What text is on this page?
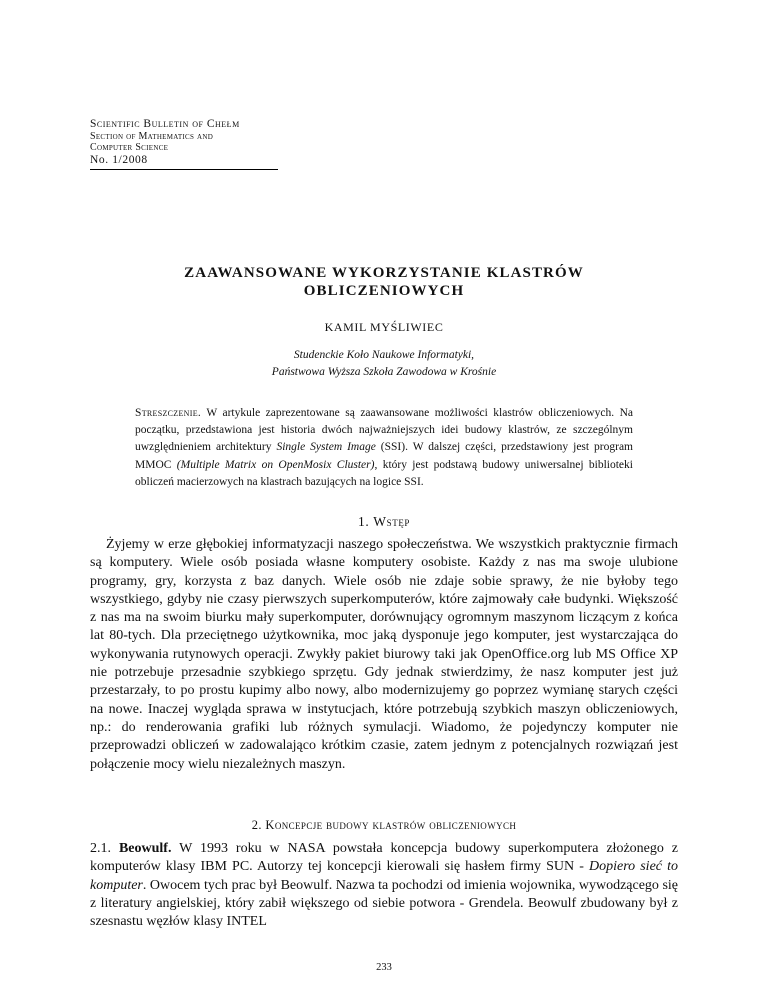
Scientific Bulletin of Chełm
Section of Mathematics and
Computer Science
No. 1/2008
ZAAWANSOWANE WYKORZYSTANIE KLASTRÓW
OBLICZENIOWYCH
KAMIL MYŚLIWIEC
Studenckie Koło Naukowe Informatyki,
Państwowa Wyższa Szkoła Zawodowa w Krośnie
Streszczenie. W artykule zaprezentowane są zaawansowane możliwości klastrów obliczeniowych. Na początku, przedstawiona jest historia dwóch najważniejszych idei budowy klastrów, ze szczególnym uwzględnieniem architektury Single System Image (SSI). W dalszej części, przedstawiony jest program MMOC (Multiple Matrix on OpenMosix Cluster), który jest podstawą budowy uniwersalnej biblioteki obliczeń macierzowych na klastrach bazujących na logice SSI.
1. Wstęp
Żyjemy w erze głębokiej informatyzacji naszego społeczeństwa. We wszystkich praktycznie firmach są komputery. Wiele osób posiada własne komputery osobiste. Każdy z nas ma swoje ulubione programy, gry, korzysta z baz danych. Wiele osób nie zdaje sobie sprawy, że nie byłoby tego wszystkiego, gdyby nie czasy pierwszych superkomputerów, które zajmowały całe budynki. Większość z nas ma na swoim biurku mały superkomputer, dorównujący ogromnym maszynom liczącym z końca lat 80-tych. Dla przeciętnego użytkownika, moc jaką dysponuje jego komputer, jest wystarczająca do wykonywania rutynowych operacji. Zwykły pakiet biurowy taki jak OpenOffice.org lub MS Office XP nie potrzebuje przesadnie szybkiego sprzętu. Gdy jednak stwierdzimy, że nasz komputer jest już przestarzały, to po prostu kupimy albo nowy, albo modernizujemy go poprzez wymianę starych części na nowe. Inaczej wygląda sprawa w instytucjach, które potrzebują szybkich maszyn obliczeniowych, np.: do renderowania grafiki lub różnych symulacji. Wiadomo, że pojedynczy komputer nie przeprowadzi obliczeń w zadowalająco krótkim czasie, zatem jednym z potencjalnych rozwiązań jest połączenie mocy wielu niezależnych maszyn.
2. Koncepcje budowy klastrów obliczeniowych
2.1. Beowulf. W 1993 roku w NASA powstała koncepcja budowy superkomputera złożonego z komputerów klasy IBM PC. Autorzy tej koncepcji kierowali się hasłem firmy SUN - Dopiero sieć to komputer. Owocem tych prac był Beowulf. Nazwa ta pochodzi od imienia wojownika, wywodzącego się z literatury angielskiej, który zabił większego od siebie potwora - Grendela. Beowulf zbudowany był z szesnastu węzłów klasy INTEL
233
